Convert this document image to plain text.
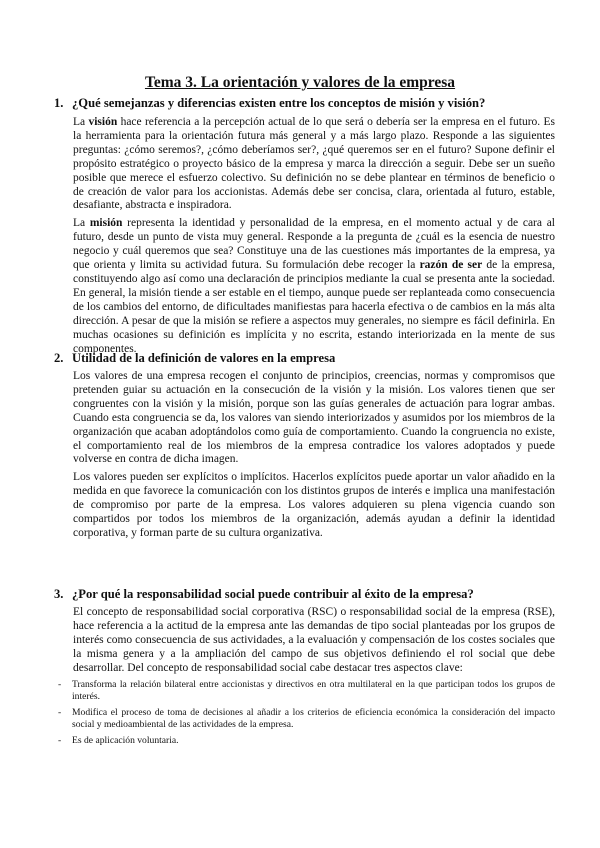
Tema 3. La orientación y valores de la empresa
1. ¿Qué semejanzas y diferencias existen entre los conceptos de misión y visión?

La visión hace referencia a la percepción actual de lo que será o debería ser la empresa en el futuro. Es la herramienta para la orientación futura más general y a más largo plazo. Responde a las siguientes preguntas: ¿cómo seremos?, ¿cómo deberíamos ser?, ¿qué queremos ser en el futuro? Supone definir el propósito estratégico o proyecto básico de la empresa y marca la dirección a seguir. Debe ser un sueño posible que merece el esfuerzo colectivo. Su definición no se debe plantear en términos de beneficio o de creación de valor para los accionistas. Además debe ser concisa, clara, orientada al futuro, estable, desafiante, abstracta e inspiradora.

La misión representa la identidad y personalidad de la empresa, en el momento actual y de cara al futuro, desde un punto de vista muy general. Responde a la pregunta de ¿cuál es la esencia de nuestro negocio y cuál queremos que sea? Constituye una de las cuestiones más importantes de la empresa, ya que orienta y limita su actividad futura. Su formulación debe recoger la razón de ser de la empresa, constituyendo algo así como una declaración de principios mediante la cual se presenta ante la sociedad. En general, la misión tiende a ser estable en el tiempo, aunque puede ser replanteada como consecuencia de los cambios del entorno, de dificultades manifiestas para hacerla efectiva o de cambios en la más alta dirección. A pesar de que la misión se refiere a aspectos muy generales, no siempre es fácil definirla. En muchas ocasiones su definición es implícita y no escrita, estando interiorizada en la mente de sus componentes.

2. Utilidad de la definición de valores en la empresa

Los valores de una empresa recogen el conjunto de principios, creencias, normas y compromisos que pretenden guiar su actuación en la consecución de la visión y la misión. Los valores tienen que ser congruentes con la visión y la misión, porque son las guías generales de actuación para lograr ambas. Cuando esta congruencia se da, los valores van siendo interiorizados y asumidos por los miembros de la organización que acaban adoptándolos como guía de comportamiento. Cuando la congruencia no existe, el comportamiento real de los miembros de la empresa contradice los valores adoptados y puede volverse en contra de dicha imagen.

Los valores pueden ser explícitos o implícitos. Hacerlos explícitos puede aportar un valor añadido en la medida en que favorece la comunicación con los distintos grupos de interés e implica una manifestación de compromiso por parte de la empresa. Los valores adquieren su plena vigencia cuando son compartidos por todos los miembros de la organización, además ayudan a definir la identidad corporativa, y forman parte de su cultura organizativa.

3. ¿Por qué la responsabilidad social puede contribuir al éxito de la empresa?

El concepto de responsabilidad social corporativa (RSC) o responsabilidad social de la empresa (RSE), hace referencia a la actitud de la empresa ante las demandas de tipo social planteadas por los grupos de interés como consecuencia de sus actividades, a la evaluación y compensación de los costes sociales que la misma genera y a la ampliación del campo de sus objetivos definiendo el rol social que debe desarrollar. Del concepto de responsabilidad social cabe destacar tres aspectos clave:

- Transforma la relación bilateral entre accionistas y directivos en otra multilateral en la que participan todos los grupos de interés.
- Modifica el proceso de toma de decisiones al añadir a los criterios de eficiencia económica la consideración del impacto social y medioambiental de las actividades de la empresa.
- Es de aplicación voluntaria.
